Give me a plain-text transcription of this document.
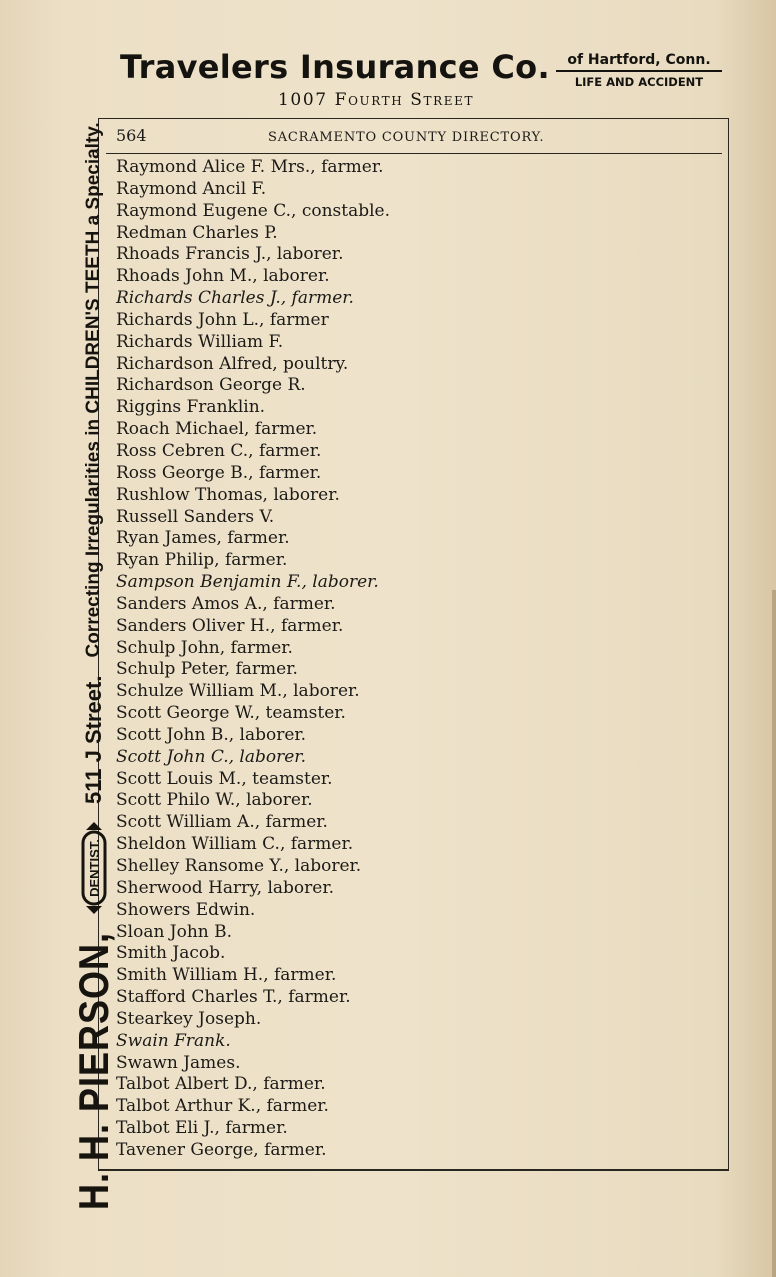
Travelers Insurance Co.	of Hartford, Conn.
LIFE AND ACCIDENT
1007 Fourth Street
564	SACRAMENTO COUNTY DIRECTORY.
Raymond Alice F. Mrs., farmer.
Raymond Ancil F.
Raymond Eugene C., constable.
Redman Charles P.
Rhoads Francis J., laborer.
Rhoads John M., laborer.
Richards Charles J., farmer.
Richards John L., farmer
Richards William F.
Richardson Alfred, poultry.
Richardson George R.
Riggins Franklin.
Roach Michael, farmer.
Ross Cebren C., farmer.
Ross George B., farmer.
Rushlow Thomas, laborer.
Russell Sanders V.
Ryan James, farmer.
Ryan Philip, farmer.
Sampson Benjamin F., laborer.
Sanders Amos A., farmer.
Sanders Oliver H., farmer.
Schulp John, farmer.
Schulp Peter, farmer.
Schulze William M., laborer.
Scott George W., teamster.
Scott John B., laborer.
Scott John C., laborer.
Scott Louis M., teamster.
Scott Philo W., laborer.
Scott William A., farmer.
Sheldon William C., farmer.
Shelley Ransome Y., laborer.
Sherwood Harry, laborer.
Showers Edwin.
Sloan John B.
Smith Jacob.
Smith William H., farmer.
Stafford Charles T., farmer.
Stearkey Joseph.
Swain Frank.
Swawn James.
Talbot Albert D., farmer.
Talbot Arthur K., farmer.
Talbot Eli J., farmer.
Tavener George, farmer.
H. H. PIERSON,
DENTIST.
511 J Street.
Correcting Irregularities in CHILDREN'S TEETH a Specialty.
